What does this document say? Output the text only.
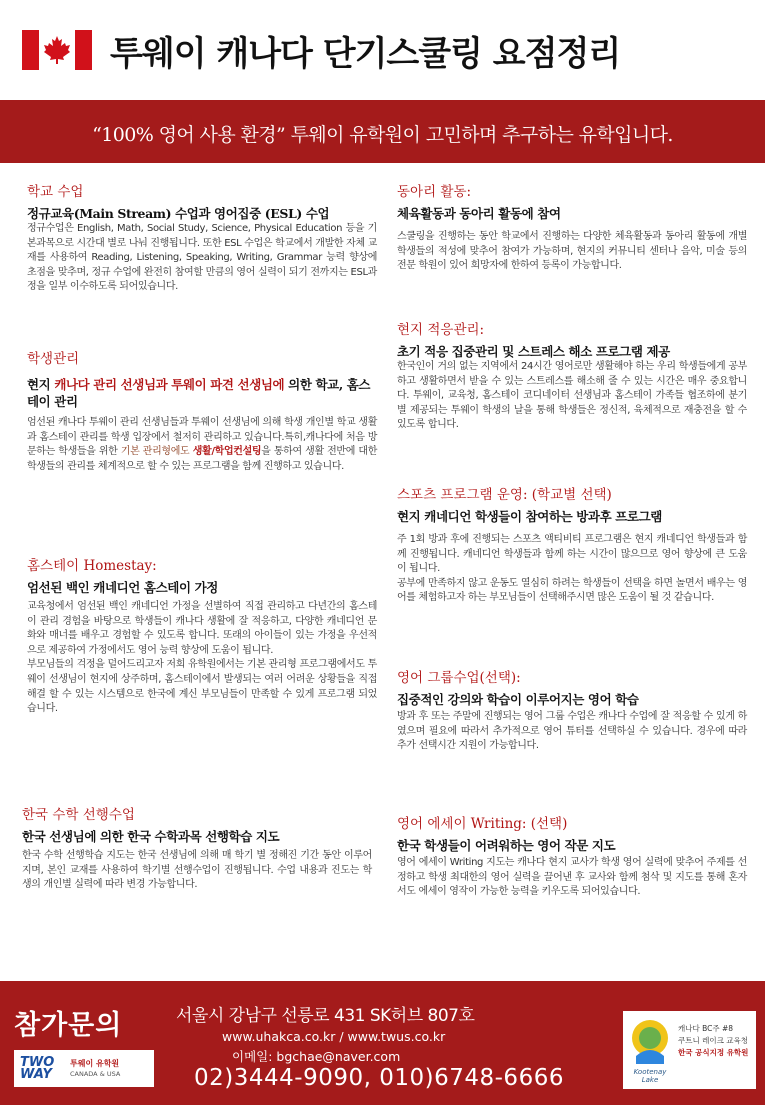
투웨이 캐나다 단기스쿨링 요점정리
“100% 영어 사용 환경” 투웨이 유학원이 고민하며 추구하는 유학입니다.
학교 수업
정규교육(Main Stream) 수업과 영어집중 (ESL) 수업
정규수업은 English, Math, Social Study, Science, Physical Education 등을 기본과목으로 시간대 별로 나눠 진행됩니다. 또한 ESL 수업은 학교에서 개발한 자체 교재를 사용하여 Reading, Listening, Speaking, Writing, Grammar 능력 향상에 초점을 맞추며, 정규 수업에 완전히 참여할 만큼의 영어 실력이 되기 전까지는 ESL과정을 일부 이수하도록 되어있습니다.
학생관리
현지 캐나다 관리 선생님과 투웨이 파견 선생님에 의한 학교, 홈스테이 관리
엄선된 캐나다 투웨이 관리 선생님들과 투웨이 선생님에 의해 학생 개인별 학교 생활과 홈스테이 관리를 학생 입장에서 철저히 관리하고 있습니다.특히,캐나다에 처음 방문하는 학생들을 위한 기본 관리형에도 생활/학업컨설팅을 통하여 생활 전반에 대한 학생들의 관리를 체계적으로 할 수 있는 프로그램을 함께 진행하고 있습니다.
홈스테이 Homestay:
엄선된 백인 캐네디언 홈스테이 가정

교육청에서 엄선된 백인 캐네디언 가정을 선별하여 직접 관리하고 다년간의 홈스테이 관리 경험을 바탕으로 학생들이 캐나다 생활에 잘 적응하고, 다양한 캐네디언 문화와 매너를 배우고 경험할 수 있도록 합니다. 또래의 아이들이 있는 가정을 우선적으로 제공하여 가정에서도 영어 능력 향상에 도움이 됩니다.

부모님들의 걱정을 덜어드리고자 저희 유학원에서는 기본 관리형 프로그램에서도 투웨이 선생님이 현지에 상주하며, 홈스테이에서 발생되는 여러 어려운 상황들을 직접 해결 할 수 있는 시스템으로 한국에 계신 부모님들이 만족할 수 있게 프로그램 되었습니다.

한국 수학 선행수업
한국 선생님에 의한 한국 수학과목 선행학습 지도
한국 수학 선행학습 지도는 한국 선생님에 의해 매 학기 별 정해진 기간 동안 이루어지며, 본인 교재를 사용하여 학기별 선행수업이 진행됩니다. 수업 내용과 진도는 학생의 개인별 실력에 따라 변경 가능합니다.
동아리 활동:
체육활동과 동아리 활동에 참여
스쿨링을 진행하는 동안 학교에서 진행하는 다양한 체육활동과 동아리 활동에 개별 학생들의 적성에 맞추어 참여가 가능하며, 현지의 커뮤니티 센터나 음악, 미술 등의 전문 학원이 있어 희망자에 한하여 등록이 가능합니다.
현지 적응관리:
초기 적응 집중관리 및 스트레스 해소 프로그램 제공
한국인이 거의 없는 지역에서 24시간 영어로만 생활해야 하는 우리 학생들에게 공부하고 생활하면서 받을 수 있는 스트레스를 해소해 줄 수 있는 시간은 매우 중요합니다. 투웨이, 교육청, 홈스테이 코디네이터 선생님과 홈스테이 가족들 협조하에 분기별 제공되는 투웨이 학생의 날을 통해 학생들은 정신적, 육체적으로 재충전을 할 수 있도록 합니다.
스포츠 프로그램 운영: (학교별 선택)
현지 캐네디언 학생들이 참여하는 방과후 프로그램

주 1회 방과 후에 진행되는 스포츠 액티비티 프로그램은 현지 캐네디언 학생들과 함께 진행됩니다. 캐네디언 학생들과 함께 하는 시간이 많으므로 영어 향상에 큰 도움이 됩니다.

공부에 만족하지 않고 운동도 열심히 하려는 학생들이 선택을 하면 놀면서 배우는 영어를 체험하고자 하는 부모님들이 선택해주시면 많은 도움이 될 것 같습니다.

영어 그룹수업(선택):
집중적인 강의와 학습이 이루어지는 영어 학습
방과 후 또는 주말에 진행되는 영어 그룹 수업은 캐나다 수업에 잘 적응할 수 있게 하였으며 필요에 따라서 추가적으로 영어 튜터를 선택하실 수 있습니다. 경우에 따라 추가 선택시간 지원이 가능합니다.
영어 에세이 Writing: (선택)
한국 학생들이 어려워하는 영어 작문 지도
영어 에세이 Writing 지도는 캐나다 현지 교사가 학생 영어 실력에 맞추어 주제를 선정하고 학생 최대한의 영어 실력을 끌어낸 후 교사와 함께 첨삭 및 지도를 통해 혼자서도 에세이 영작이 가능한 능력을 키우도록 되어있습니다.
참가문의
TWO WAY
투웨이 유학원
CANADA & USA
서울시 강남구 선릉로 431 SK허브 807호
www.uhakca.co.kr / www.twus.co.kr
이메일: bgchae@naver.com
02)3444-9090, 010)6748-6666	Kootenay
Lake
캐나다 BC주 #8
쿠트니 레이크 교육청
한국 공식지정 유학원
